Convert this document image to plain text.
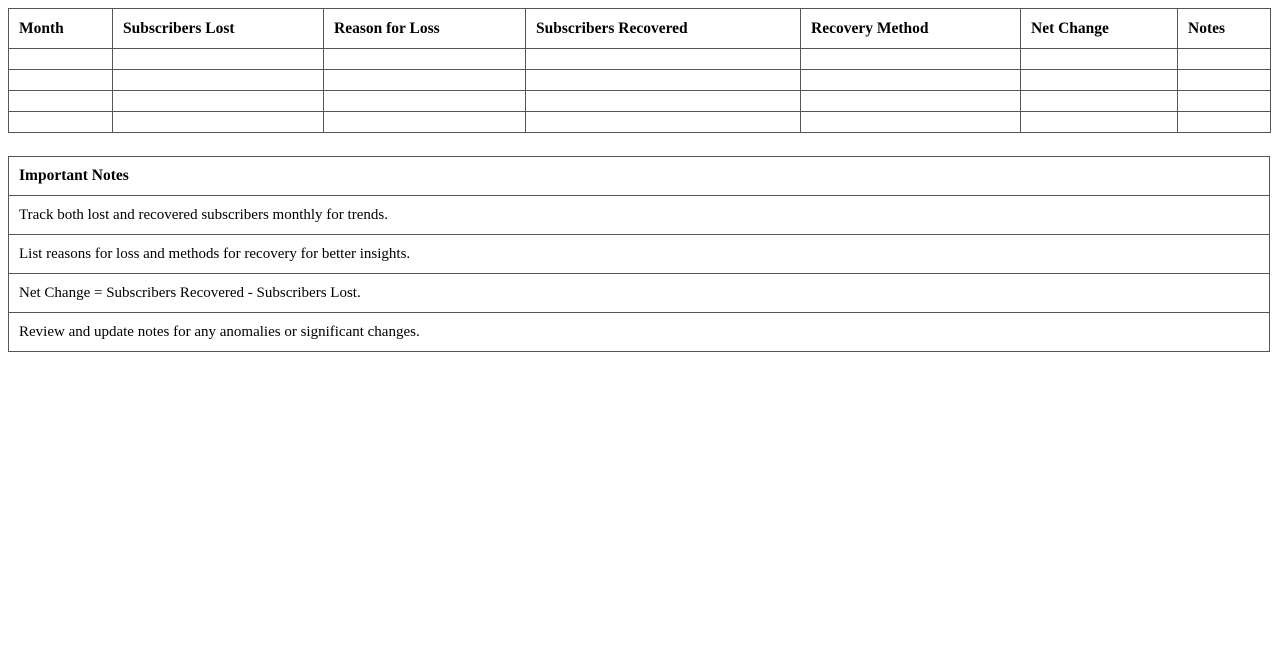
Month	Subscribers Lost	Reason for Loss	Subscribers Recovered	Recovery Method	Net Change	Notes

Important Notes
Track both lost and recovered subscribers monthly for trends.
List reasons for loss and methods for recovery for better insights.
Net Change = Subscribers Recovered - Subscribers Lost.
Review and update notes for any anomalies or significant changes.
